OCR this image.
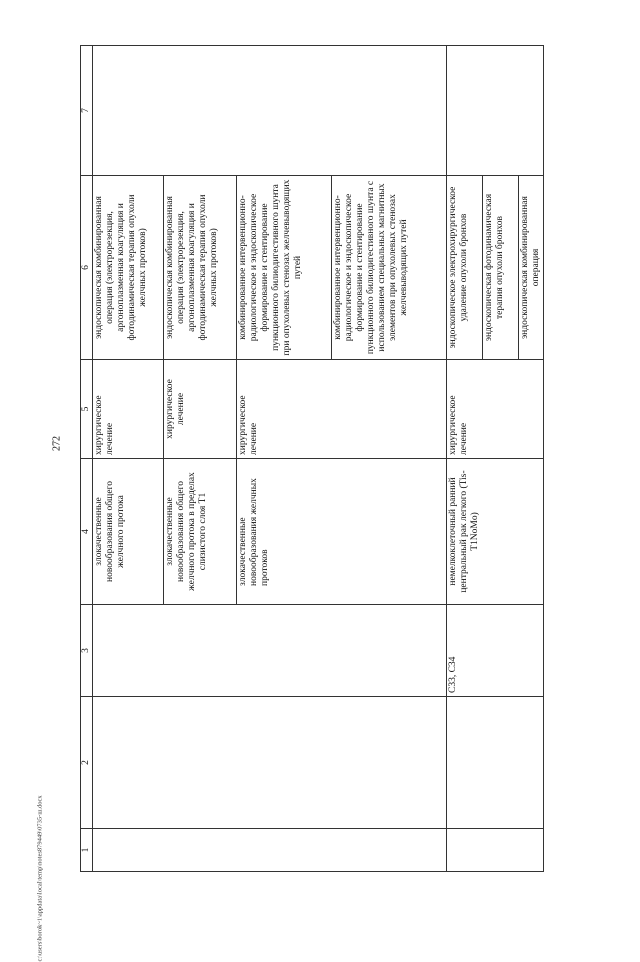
272
c:\users\borok~1\appdata\local\temp\notes879449\0735-ш.docx	1	2	3	4	5	6	7
			злокачественные новообразования общего желчного протока	хирургическое лечение	эндоскопическая комбинированная операция (электрорезекция, аргоноплазменная коагуляция и фотодинамическая терапия опухоли желчных протоков)	
			злокачественные новообразования общего желчного протока в пределах слизистого слоя T1	хирургическое лечение	эндоскопическая комбинированная операция (электрорезекция, аргоноплазменная коагуляция и фотодинамическая терапия опухоли желчных протоков)	
			злокачественные новообразования желчных протоков	хирургическое лечение	комбинированное интервенционно-радиологическое и эндоскопическое формирование и стентирование пункционного билиодигестивного шунта при опухолевых стенозах желчевыводящих путей	
					комбинированное интервенционно-радиологическое и эндоскопическое формирование и стентирование пункционного билиодигестивного шунта с использованием специальных магнитных элементов при опухолевых стенозах желчевыводящих путей	
		C33, C34	немелкоклеточный ранний центральный рак легкого (Tis-T1NoMo)	хирургическое лечение	эндоскопическое электрохирургическое удаление опухоли бронхов	
					эндоскопическая фотодинамическая терапия опухоли бронхов	
					эндоскопическая комбинированная операция	
